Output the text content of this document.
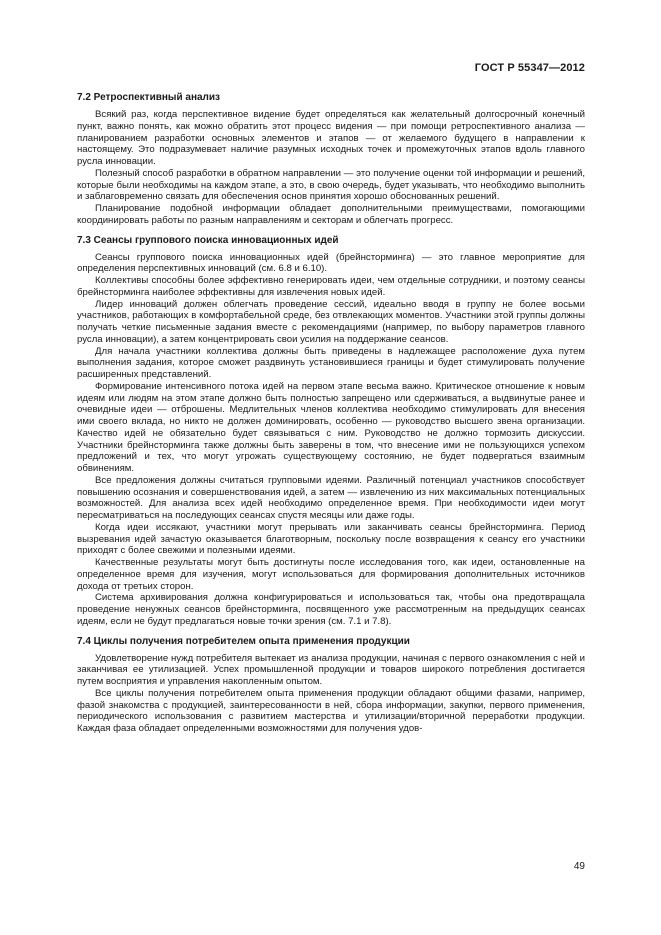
ГОСТ Р 55347—2012
7.2 Ретроспективный анализ

Всякий раз, когда перспективное видение будет определяться как желательный долгосрочный конечный пункт, важно понять, как можно обратить этот процесс видения — при помощи ретроспективного анализа — планированием разработки основных элементов и этапов — от желаемого будущего в направлении к настоящему. Это подразумевает наличие разумных исходных точек и промежуточных этапов вдоль главного русла инновации.

Полезный способ разработки в обратном направлении — это получение оценки той информации и решений, которые были необходимы на каждом этапе, а это, в свою очередь, будет указывать, что необходимо выполнить и заблаговременно связать для обеспечения основ принятия хорошо обоснованных решений.

Планирование подобной информации обладает дополнительными преимуществами, помогающими координировать работы по разным направлениям и секторам и облегчать прогресс.

7.3 Сеансы группового поиска инновационных идей

Сеансы группового поиска инновационных идей (брейнсторминга) — это главное мероприятие для определения перспективных инноваций (см. 6.8 и 6.10).

Коллективы способны более эффективно генерировать идеи, чем отдельные сотрудники, и поэтому сеансы брейнсторминга наиболее эффективны для извлечения новых идей.

Лидер инноваций должен облегчать проведение сессий, идеально вводя в группу не более восьми участников, работающих в комфортабельной среде, без отвлекающих моментов. Участники этой группы должны получать четкие письменные задания вместе с рекомендациями (например, по выбору параметров главного русла инновации), а затем концентрировать свои усилия на поддержание сеансов.

Для начала участники коллектива должны быть приведены в надлежащее расположение духа путем выполнения задания, которое сможет раздвинуть установившиеся границы и будет стимулировать получение расширенных представлений.

Формирование интенсивного потока идей на первом этапе весьма важно. Критическое отношение к новым идеям или людям на этом этапе должно быть полностью запрещено или сдерживаться, а выдвинутые ранее и очевидные идеи — отброшены. Медлительных членов коллектива необходимо стимулировать для внесения ими своего вклада, но никто не должен доминировать, особенно — руководство высшего звена организации. Качество идей не обязательно будет связываться с ним. Руководство не должно тормозить дискуссии. Участники брейнсторминга также должны быть заверены в том, что внесение ими не пользующихся успехом предложений и тех, что могут угрожать существующему состоянию, не будет подвергаться взаимным обвинениям.

Все предложения должны считаться групповыми идеями. Различный потенциал участников способствует повышению осознания и совершенствования идей, а затем — извлечению из них максимальных потенциальных возможностей. Для анализа всех идей необходимо определенное время. При необходимости идеи могут пересматриваться на последующих сеансах спустя месяцы или даже годы.

Когда идеи иссякают, участники могут прерывать или заканчивать сеансы брейнсторминга. Период вызревания идей зачастую оказывается благотворным, поскольку после возвращения к сеансу его участники приходят с более свежими и полезными идеями.

Качественные результаты могут быть достигнуты после исследования того, как идеи, остановленные на определенное время для изучения, могут использоваться для формирования дополнительных источников дохода от третьих сторон.

Система архивирования должна конфигурироваться и использоваться так, чтобы она предотвращала проведение ненужных сеансов брейнсторминга, посвященного уже рассмотренным на предыдущих сеансах идеям, если не будут предлагаться новые точки зрения (см. 7.1 и 7.8).

7.4 Циклы получения потребителем опыта применения продукции

Удовлетворение нужд потребителя вытекает из анализа продукции, начиная с первого ознакомления с ней и заканчивая ее утилизацией. Успех промышленной продукции и товаров широкого потребления достигается путем восприятия и управления накопленным опытом.

Все циклы получения потребителем опыта применения продукции обладают общими фазами, например, фазой знакомства с продукцией, заинтересованности в ней, сбора информации, закупки, первого применения, периодического использования с развитием мастерства и утилизации/вторичной переработки продукции. Каждая фаза обладает определенными возможностями для получения удов-

49
